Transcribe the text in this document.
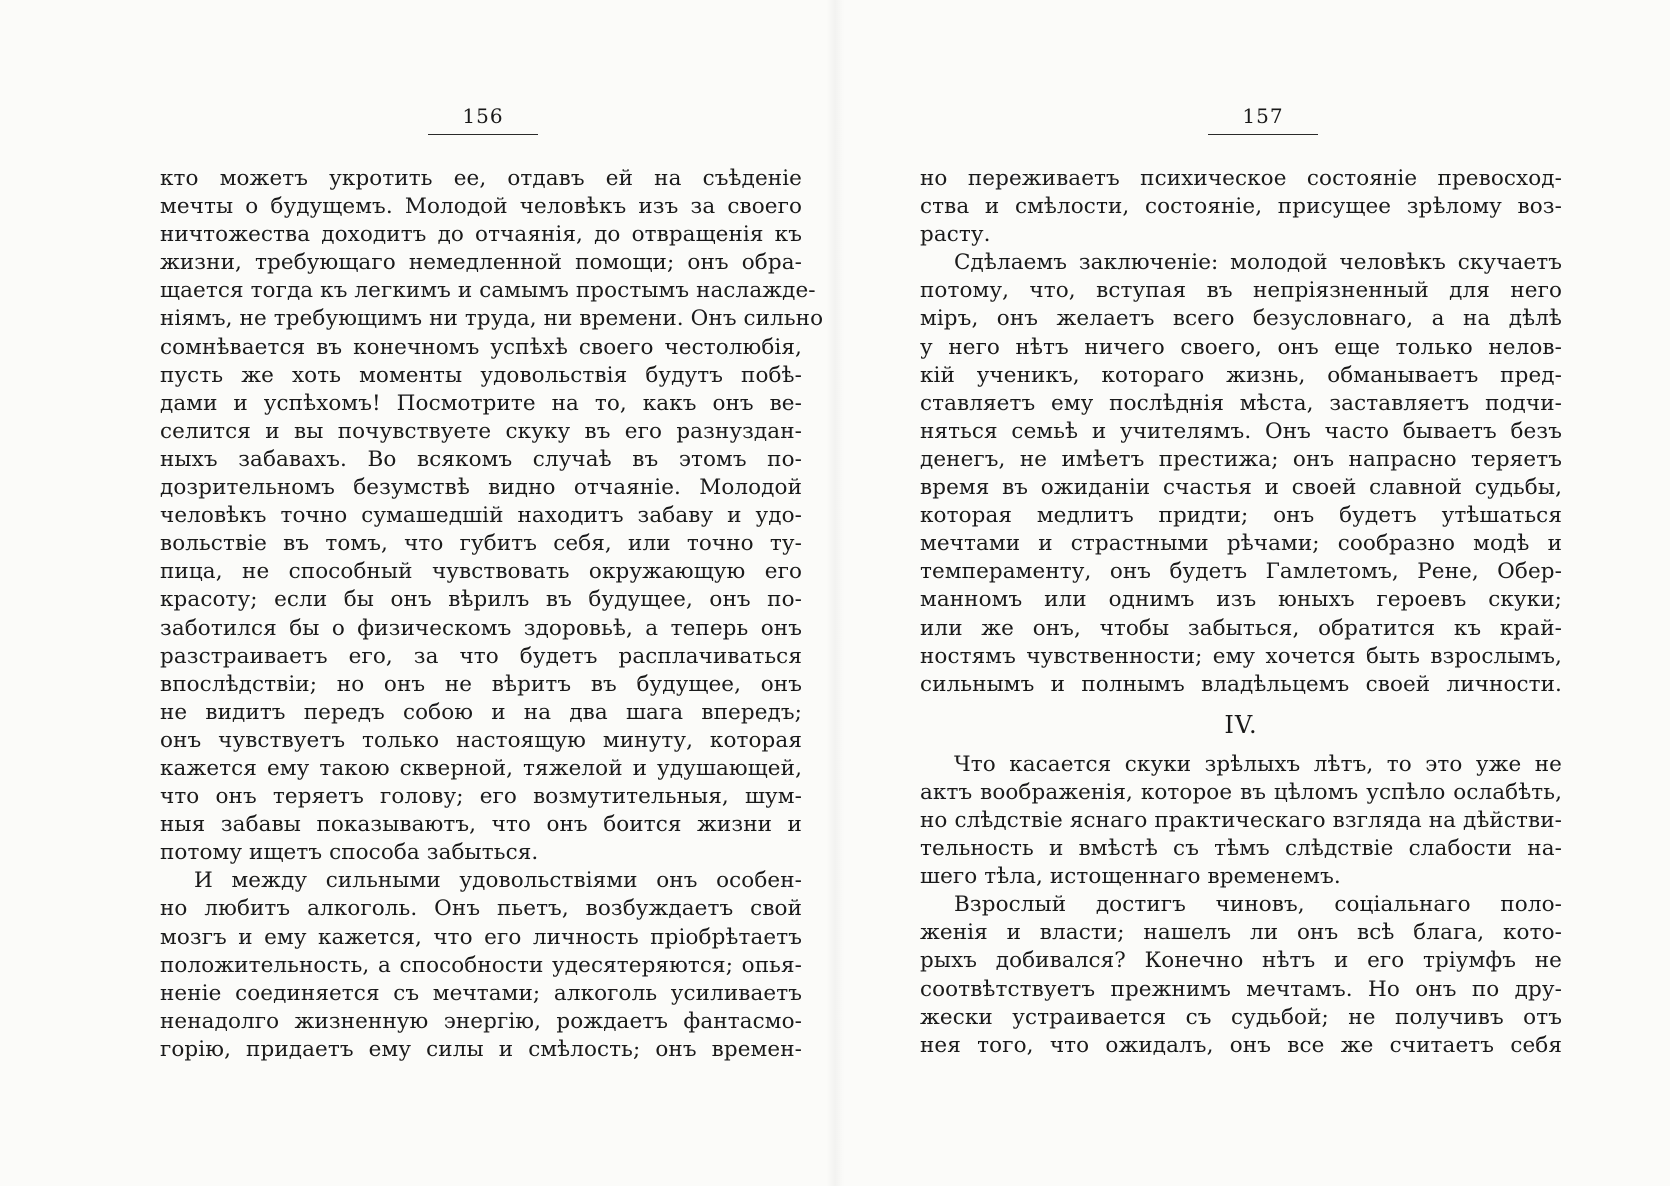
156
кто можетъ укротить ее, отдавъ ей на съѣденіе
мечты о будущемъ. Молодой человѣкъ изъ за своего
ничтожества доходитъ до отчаянія, до отвращенія къ
жизни, требующаго немедленной помощи; онъ обра-
щается тогда къ легкимъ и самымъ простымъ наслажде-
ніямъ, не требующимъ ни труда, ни времени. Онъ сильно
сомнѣвается въ конечномъ успѣхѣ своего честолюбія,
пусть же хоть моменты удовольствія будутъ побѣ-
дами и успѣхомъ! Посмотрите на то, какъ онъ ве-
селится и вы почувствуете скуку въ его разнуздан-
ныхъ забавахъ. Во всякомъ случаѣ въ этомъ по-
дозрительномъ безумствѣ видно отчаяніе. Молодой
человѣкъ точно сумашедшій находитъ забаву и удо-
вольствіе въ томъ, что губитъ себя, или точно ту-
пица, не способный чувствовать окружающую его
красоту; если бы онъ вѣрилъ въ будущее, онъ по-
заботился бы о физическомъ здоровьѣ, а теперь онъ
разстраиваетъ его, за что будетъ расплачиваться
впослѣдствіи; но онъ не вѣритъ въ будущее, онъ
не видитъ передъ собою и на два шага впередъ;
онъ чувствуетъ только настоящую минуту, которая
кажется ему такою скверной, тяжелой и удушающей,
что онъ теряетъ голову; его возмутительныя, шум-
ныя забавы показываютъ, что онъ боится жизни и
потому ищетъ способа забыться.
И между сильными удовольствіями онъ особен-
но любитъ алкоголь. Онъ пьетъ, возбуждаетъ свой
мозгъ и ему кажется, что его личность пріобрѣтаетъ
положительность, а способности удесятеряются; опья-
неніе соединяется съ мечтами; алкоголь усиливаетъ
ненадолго жизненную энергію, рождаетъ фантасмо-
горію, придаетъ ему силы и смѣлость; онъ времен-
157
но переживаетъ психическое состояніе превосход-
ства и смѣлости, состояніе, присущее зрѣлому воз-
расту.
Сдѣлаемъ заключеніе: молодой человѣкъ скучаетъ
потому, что, вступая въ непріязненный для него
міръ, онъ желаетъ всего безусловнаго, а на дѣлѣ
у него нѣтъ ничего своего, онъ еще только нелов-
кій ученикъ, котораго жизнь, обманываетъ пред-
ставляетъ ему послѣднія мѣста, заставляетъ подчи-
няться семьѣ и учителямъ. Онъ часто бываетъ безъ
денегъ, не имѣетъ престижа; онъ напрасно теряетъ
время въ ожиданіи счастья и своей славной судьбы,
которая медлитъ придти; онъ будетъ утѣшаться
мечтами и страстными рѣчами; сообразно модѣ и
темпераменту, онъ будетъ Гамлетомъ, Рене, Обер-
манномъ или однимъ изъ юныхъ героевъ скуки;
или же онъ, чтобы забыться, обратится къ край-
ностямъ чувственности; ему хочется быть взрослымъ,
сильнымъ и полнымъ владѣльцемъ своей личности.
IV.
Что касается скуки зрѣлыхъ лѣтъ, то это уже не
актъ воображенія, которое въ цѣломъ успѣло ослабѣть,
но слѣдствіе яснаго практическаго взгляда на дѣйстви-
тельность и вмѣстѣ съ тѣмъ слѣдствіе слабости на-
шего тѣла, истощеннаго временемъ.
Взрослый достигъ чиновъ, соціальнаго поло-
женія и власти; нашелъ ли онъ всѣ блага, кото-
рыхъ добивался? Конечно нѣтъ и его тріумфъ не
соотвѣтствуетъ прежнимъ мечтамъ. Но онъ по дру-
жески устраивается съ судьбой; не получивъ отъ
нея того, что ожидалъ, онъ все же считаетъ себя
